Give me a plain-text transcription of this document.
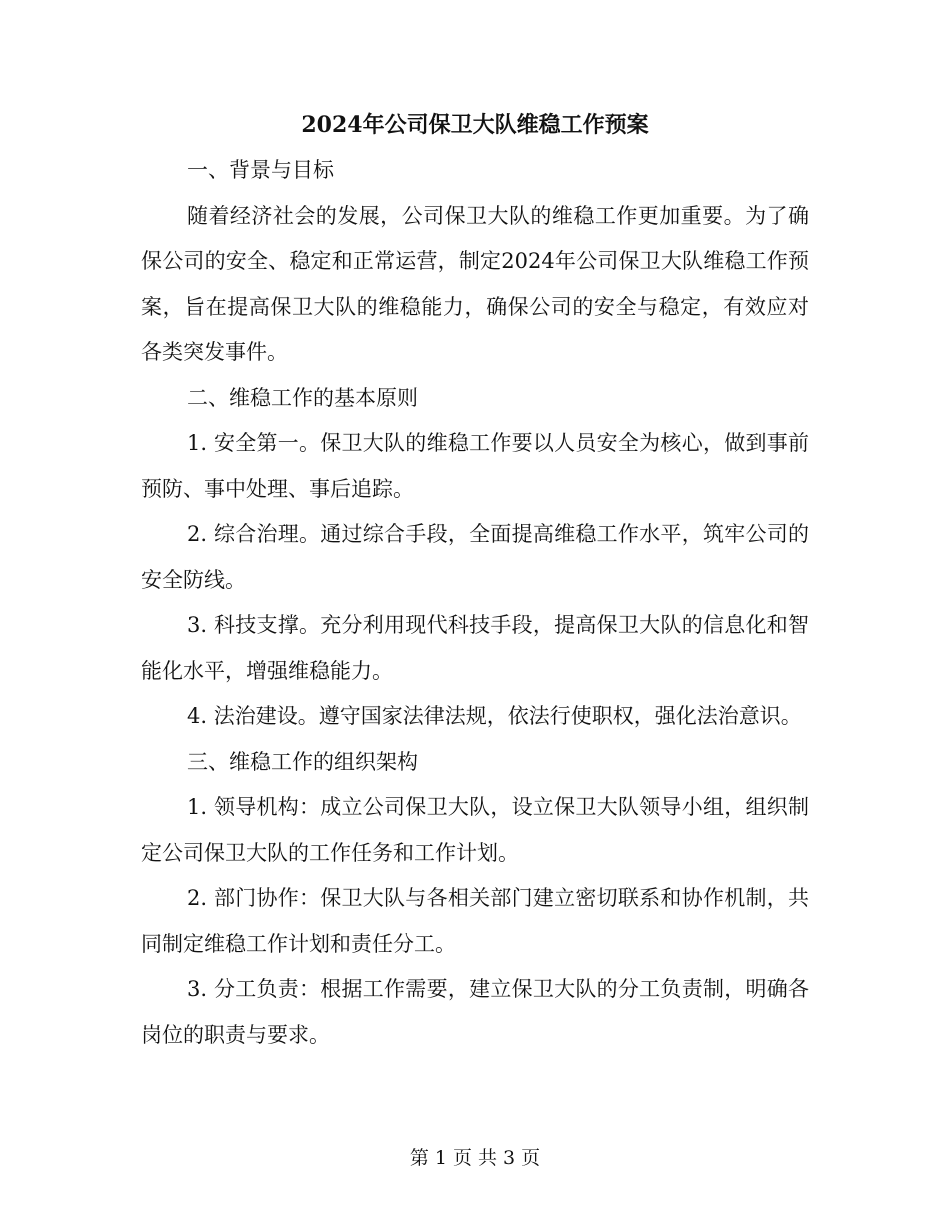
2024年公司保卫大队维稳工作预案

一、背景与目标

随着经济社会的发展，公司保卫大队的维稳工作更加重要。为了确保公司的安全、稳定和正常运营，制定2024年公司保卫大队维稳工作预案，旨在提高保卫大队的维稳能力，确保公司的安全与稳定，有效应对各类突发事件。

二、维稳工作的基本原则

1. 安全第一。保卫大队的维稳工作要以人员安全为核心，做到事前预防、事中处理、事后追踪。

2. 综合治理。通过综合手段，全面提高维稳工作水平，筑牢公司的安全防线。

3. 科技支撑。充分利用现代科技手段，提高保卫大队的信息化和智能化水平，增强维稳能力。

4. 法治建设。遵守国家法律法规，依法行使职权，强化法治意识。

三、维稳工作的组织架构

1. 领导机构：成立公司保卫大队，设立保卫大队领导小组，组织制定公司保卫大队的工作任务和工作计划。

2. 部门协作：保卫大队与各相关部门建立密切联系和协作机制，共同制定维稳工作计划和责任分工。

3. 分工负责：根据工作需要，建立保卫大队的分工负责制，明确各岗位的职责与要求。

第 1 页 共 3 页
